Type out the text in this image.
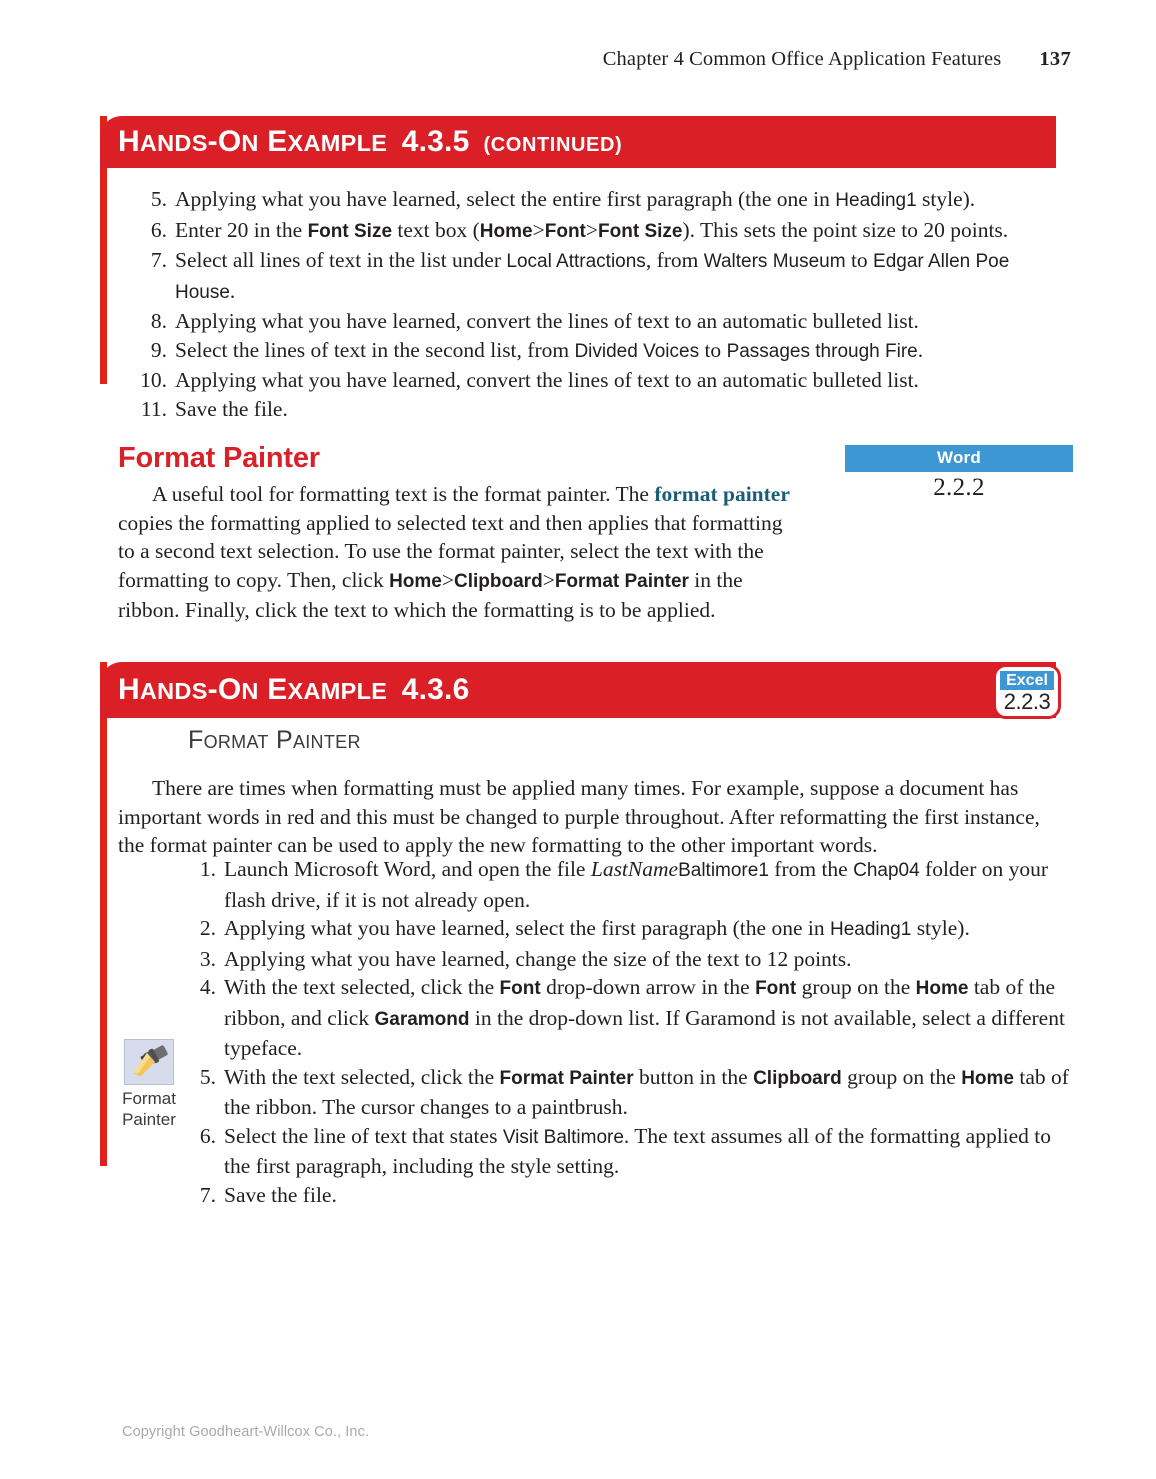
Chapter 4 Common Office Application Features 137
HANDS-ON EXAMPLE 4.3.5 (CONTINUED)
5. Applying what you have learned, select the entire first paragraph (the one in Heading1 style).
6. Enter 20 in the Font Size text box (Home>Font>Font Size). This sets the point size to 20 points.
7. Select all lines of text in the list under Local Attractions, from Walters Museum to Edgar Allen Poe House.
8. Applying what you have learned, convert the lines of text to an automatic bulleted list.
9. Select the lines of text in the second list, from Divided Voices to Passages through Fire.
10. Applying what you have learned, convert the lines of text to an automatic bulleted list.
11. Save the file.
Format Painter

A useful tool for formatting text is the format painter. The format painter copies the formatting applied to selected text and then applies that formatting to a second text selection. To use the format painter, select the text with the formatting to copy. Then, click Home>Clipboard>Format Painter in the ribbon. Finally, click the text to which the formatting is to be applied.

Word
2.2.2
HANDS-ON EXAMPLE 4.3.6	Excel
2.2.3
Format Painter

There are times when formatting must be applied many times. For example, suppose a document has important words in red and this must be changed to purple throughout. After reformatting the first instance, the format painter can be used to apply the new formatting to the other important words.

1. Launch Microsoft Word, and open the file LastNameBaltimore1 from the Chap04 folder on your flash drive, if it is not already open.
2. Applying what you have learned, select the first paragraph (the one in Heading1 style).
3. Applying what you have learned, change the size of the text to 12 points.
4. With the text selected, click the Font drop-down arrow in the Font group on the Home tab of the ribbon, and click Garamond in the drop-down list. If Garamond is not available, select a different typeface.
5. With the text selected, click the Format Painter button in the Clipboard group on the Home tab of the ribbon. The cursor changes to a paintbrush.
6. Select the line of text that states Visit Baltimore. The text assumes all of the formatting applied to the first paragraph, including the style setting.
7. Save the file.
Format
Painter
Copyright Goodheart-Willcox Co., Inc.
